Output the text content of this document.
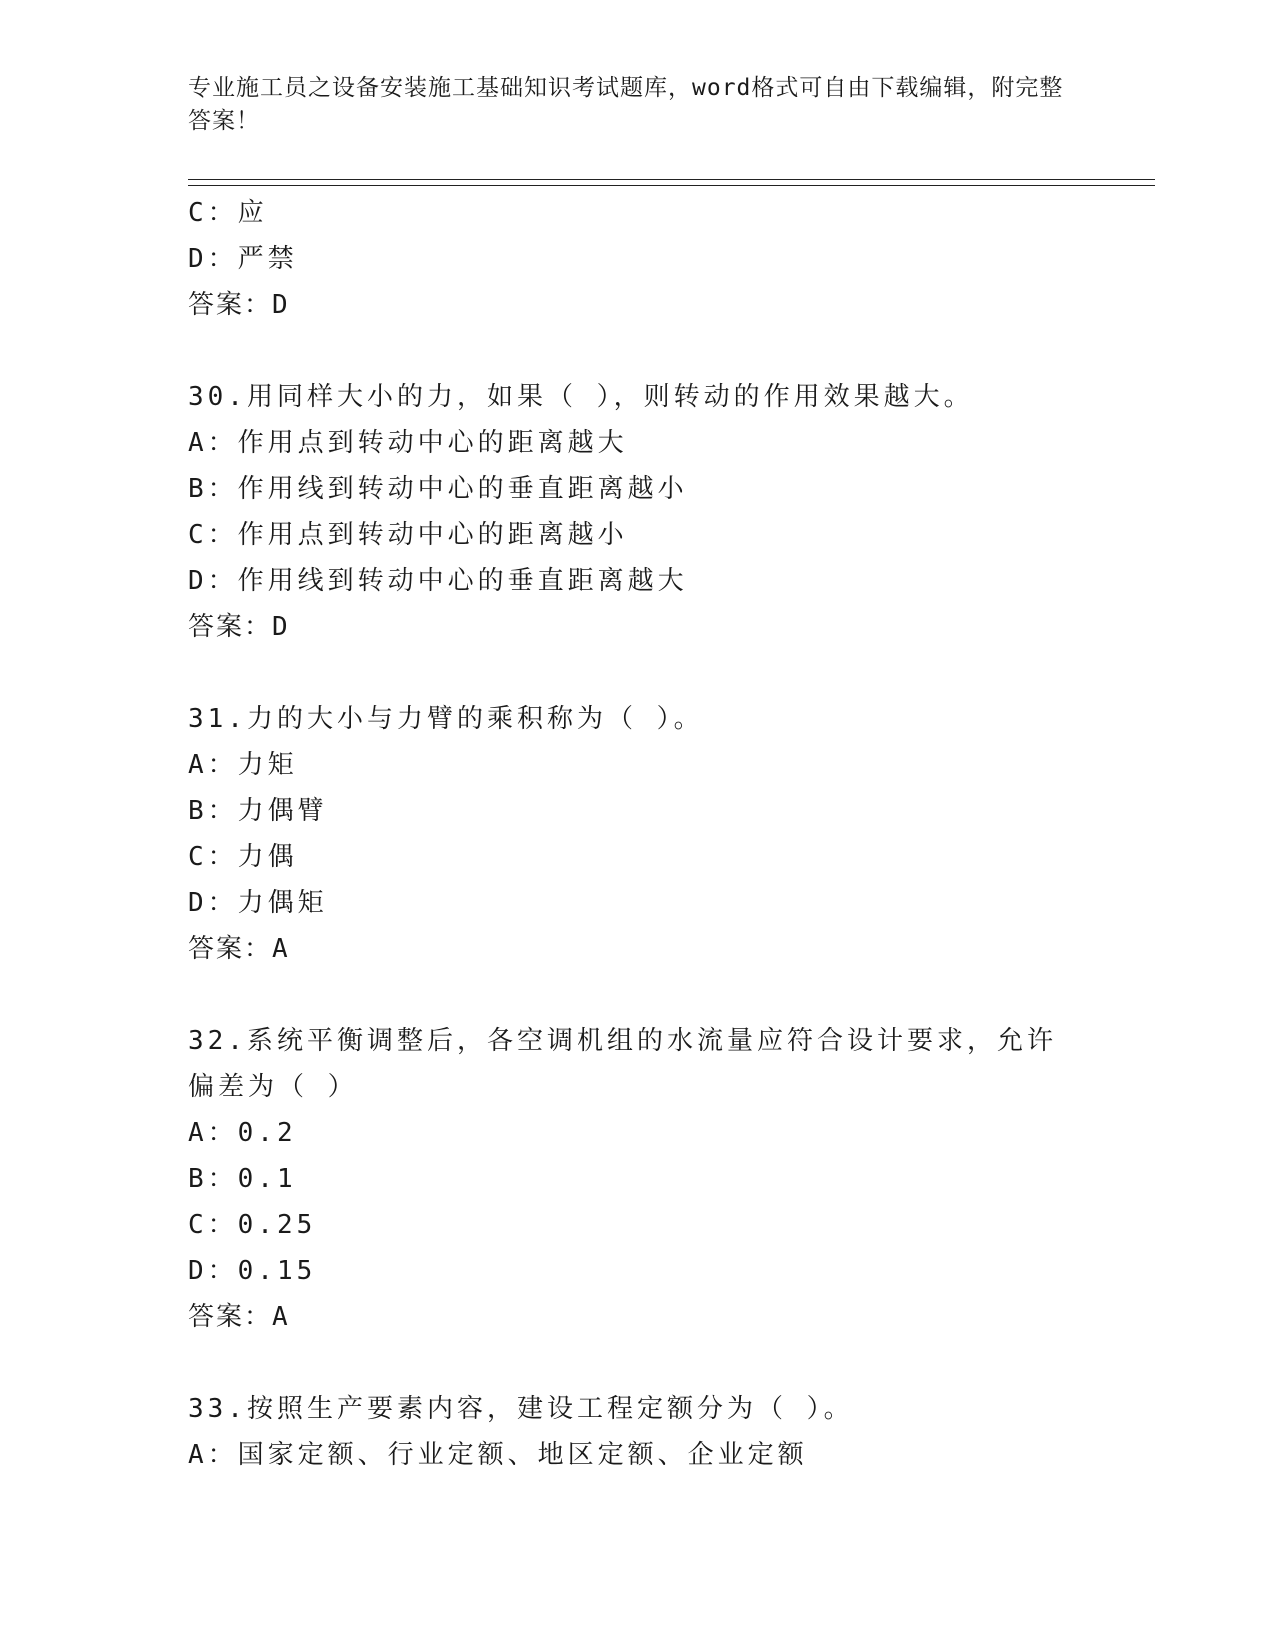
专业施工员之设备安装施工基础知识考试题库，word格式可自由下载编辑，附完整答案！
C：应
D：严禁
答案：D
30.用同样大小的力，如果（ ），则转动的作用效果越大。
A：作用点到转动中心的距离越大
B：作用线到转动中心的垂直距离越小
C：作用点到转动中心的距离越小
D：作用线到转动中心的垂直距离越大
答案：D
31.力的大小与力臂的乘积称为（ ）。
A：力矩
B：力偶臂
C：力偶
D：力偶矩
答案：A
32.系统平衡调整后，各空调机组的水流量应符合设计要求，允许偏差为（ ）
A：0.2
B：0.1
C：0.25
D：0.15
答案：A
33.按照生产要素内容，建设工程定额分为（ ）。
A：国家定额、行业定额、地区定额、企业定额
